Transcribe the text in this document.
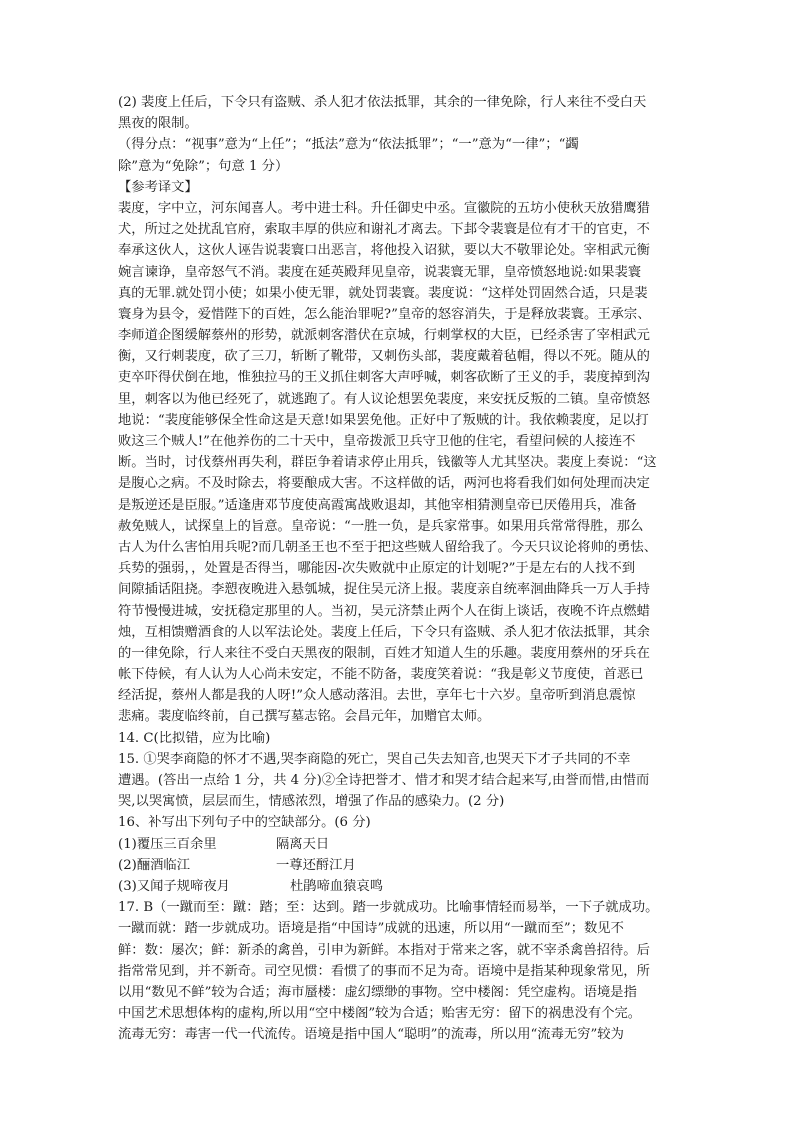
(2) 裴度上任后，下令只有盗贼、杀人犯才依法抵罪，其余的一律免除，行人来往不受白天
黑夜的限制。
（得分点：“视事”意为“上任”；“抵法”意为“依法抵罪”；“一”意为“一律”；“蠲
除”意为“免除”；句意 1 分）
【参考译文】
裴度，字中立，河东闻喜人。考中进士科。升任御史中丞。宣徽院的五坊小使秋天放猎鹰猎
犬，所过之处扰乱官府，索取丰厚的供应和谢礼才离去。下邽令裴寰是位有才干的官吏，不
奉承这伙人，这伙人诬告说裴寰口出恶言，将他投入诏狱，要以大不敬罪论处。宰相武元衡
婉言谏诤，皇帝怒气不消。裴度在延英殿拜见皇帝，说裴寰无罪，皇帝愤怒地说:如果裴寰
真的无罪.就处罚小使；如果小使无罪，就处罚裴寰。裴度说：“这样处罚固然合适，只是裴
寰身为县令，爱惜陛下的百姓，怎么能治罪呢?”皇帝的怒容消失，于是释放裴寰。王承宗、
李师道企图缓解蔡州的形势，就派刺客潜伏在京城，行刺掌权的大臣，已经杀害了宰相武元
衡，又行刺裴度，砍了三刀，斩断了靴带，又刺伤头部，裴度戴着毡帽，得以不死。随从的
吏卒吓得伏倒在地，惟独拉马的王义抓住刺客大声呼喊，刺客砍断了王义的手，裴度掉到沟
里，刺客以为他已经死了，就逃跑了。有人议论想罢免裴度，来安抚反叛的二镇。皇帝愤怒
地说：“裴度能够保全性命这是天意!如果罢免他。正好中了叛贼的计。我依赖裴度，足以打
败这三个贼人!”在他养伤的二十天中，皇帝拨派卫兵守卫他的住宅，看望问候的人接连不
断。当时，讨伐蔡州再失利，群臣争着请求停止用兵，钱徽等人尤其坚决。裴度上奏说：“这
是腹心之病。不及时除去，将要酿成大害。不这样做的话，两河也将看我们如何处理而决定
是叛逆还是臣服。”适逢唐邓节度使高霞寓战败退却，其他宰相猜测皇帝已厌倦用兵，准备
赦免贼人，试探皇上的旨意。皇帝说：“一胜一负，是兵家常事。如果用兵常常得胜，那么
古人为什么害怕用兵呢?而几朝圣王也不至于把这些贼人留给我了。今天只议论将帅的勇怯、
兵势的强弱，，处置是否得当，哪能因-次失败就中止原定的计划呢?”于是左右的人找不到
间隙插话阻挠。李愬夜晚进入悬瓠城，捉住吴元济上报。裴度亲自统率洄曲降兵一万人手持
符节慢慢进城，安抚稳定那里的人。当初，吴元济禁止两个人在街上谈话，夜晚不许点燃蜡
烛，互相馈赠酒食的人以军法论处。裴度上任后，下令只有盗贼、杀人犯才依法抵罪，其余
的一律免除，行人来往不受白天黑夜的限制，百姓才知道人生的乐趣。裴度用蔡州的牙兵在
帐下侍候，有人认为人心尚未安定，不能不防备，裴度笑着说：“我是彰义节度使，首恶已
经活捉，蔡州人都是我的人呀!”众人感动落泪。去世，享年七十六岁。皇帝听到消息震惊
悲痛。裴度临终前，自己撰写墓志铭。会昌元年，加赠官太师。
14. C(比拟错，应为比喻)
15. ①哭李商隐的怀才不遇,哭李商隐的死亡，哭自己失去知音,也哭天下才子共同的不幸
遭遇。(答出一点给 1 分，共 4 分)②全诗把誉才、惜才和哭才结合起来写,由誉而惜,由惜而
哭,以哭寓愤，层层而生，情感浓烈，增强了作品的感染力。(2 分)
16、补写出下列句子中的空缺部分。(6 分)
(1)覆压三百余里	隔离天日
(2)酾酒临江	一尊还酹江月
(3)又闻子规啼夜月	杜鹃啼血猿哀鸣
17. B（一蹴而至：蹴：踏；至：达到。踏一步就成功。比喻事情轻而易举，一下子就成功。
一蹴而就：踏一步就成功。语境是指“中国诗”成就的迅速，所以用“一蹴而至”；数见不
鲜：数：屡次；鲜：新杀的禽兽，引申为新鲜。本指对于常来之客，就不宰杀禽兽招待。后
指常常见到，并不新奇。司空见惯：看惯了的事而不足为奇。语境中是指某种现象常见，所
以用“数见不鲜”较为合适；海市蜃楼：虚幻缥缈的事物。空中楼阁：凭空虚构。语境是指
中国艺术思想体构的虚构,所以用“空中楼阁”较为合适；贻害无穷：留下的祸患没有个完。
流毒无穷：毒害一代一代流传。语境是指中国人“聪明”的流毒，所以用“流毒无穷”较为
